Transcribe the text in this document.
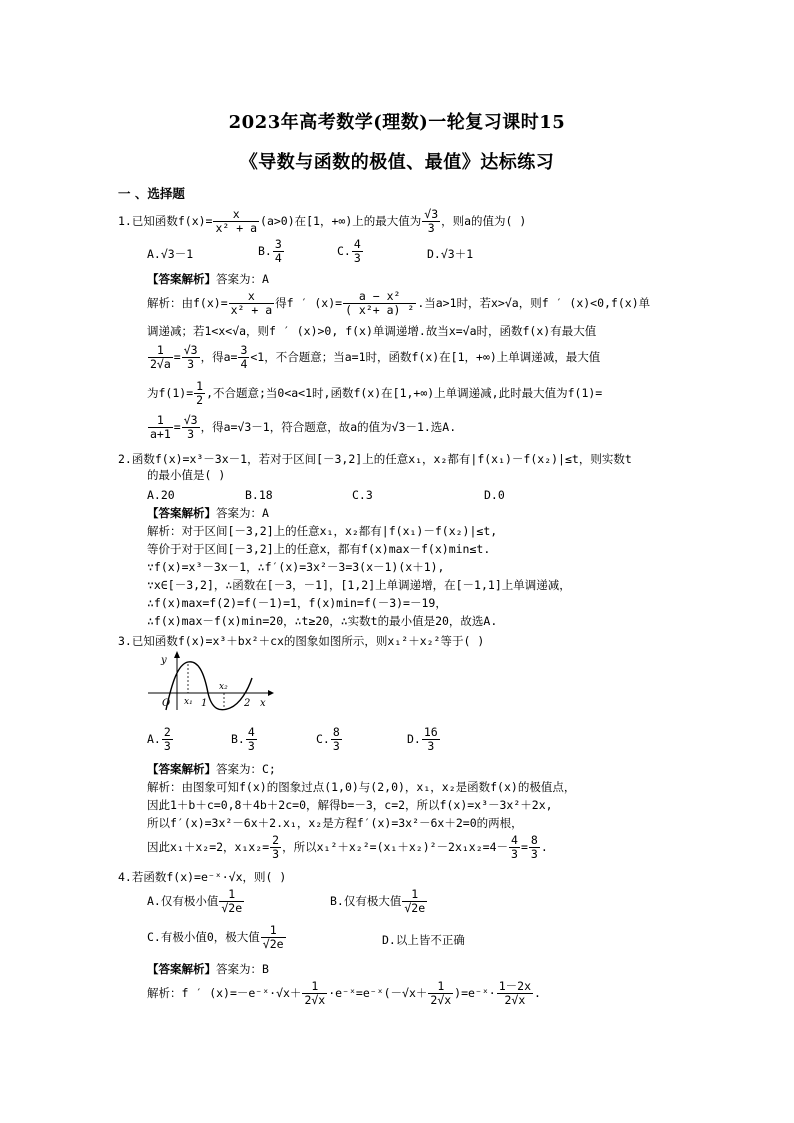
2023年高考数学(理数)一轮复习课时15
《导数与函数的极值、最值》达标练习
一 、选择题
1.已知函数$f(x)= \frac{x}{\text{x² + a}} (a>0)$在[1，+∞)上的最大值为 $\frac{√3}{3}$ ，则a的值为( )
A.√3－1	B. $\frac{3}{4}$	C. $\frac{4}{3}$	D.√3＋1
【答案解析】答案为：A
解析：由$f(x)= \frac{x}{\text{x² + a}}$ 得f ′ $(x)= \frac{\text{a − x²}}{\text{( x²+ a) ²}}$ .当a>1时，若x>√a，则f ′ (x)<0,f(x)单
调递减；若1<x<√a，则f ′ (x)>0, f(x)单调递增.故当x=√a时，函数f(x)有最大值
$\frac{1}{2√a} = \frac{√3}{3}$ ，得$a= \frac{3}{4} <1$，不合题意；当a=1时，函数f(x)在[1，+∞)上单调递减，最大值
为$f(1)= \frac{1}{2}$ ,不合题意;当0<a<1时,函数f(x)在[1,+∞)上单调递减,此时最大值为f(1)=
$\frac{1}{a+1} = \frac{√3}{3}$ ，得a=√3－1，符合题意，故a的值为√3－1.选A.
2.函数f(x)=x³－3x－1，若对于区间[－3,2]上的任意x₁，x₂都有|f(x₁)－f(x₂)|≤t，则实数t
的最小值是( )
A.20	B.18	C.3	D.0
【答案解析】答案为：A
解析：对于区间[－3,2]上的任意x₁，x₂都有|f(x₁)－f(x₂)|≤t,
等价于对于区间[－3,2]上的任意x，都有f(x)max－f(x)min≤t.
∵f(x)=x³－3x－1，∴f′(x)=3x²－3=3(x－1)(x＋1),
∵x∈[－3,2]，∴函数在[－3，－1]，[1,2]上单调递增，在[－1,1]上单调递减，
∴f(x)max=f(2)=f(－1)=1，f(x)min=f(－3)=－19，
∴f(x)max－f(x)min=20，∴t≥20，∴实数t的最小值是20，故选A.
3.已知函数f(x)=x³＋bx²＋cx的图象如图所示，则x₁²＋x₂²等于( )
y
O x₁ 1
x₂
2 x
A. $\frac{2}{3}$	B. $\frac{4}{3}$	C. $\frac{8}{3}$	D. $\frac{16}{3}$
【答案解析】答案为：C;
解析：由图象可知f(x)的图象过点(1,0)与(2,0)，x₁，x₂是函数f(x)的极值点，
因此1＋b＋c=0,8＋4b＋2c=0，解得b=－3，c=2，所以f(x)=x³－3x²＋2x,
所以f′(x)=3x²－6x＋2.x₁，x₂是方程f′(x)=3x²－6x＋2=0的两根，
因此x₁＋x₂=2，$x_1x_2= \frac{2}{3}$ ，所以$x_1^2+x_2^2=(x_1+x_2)^2-2x_1x_2=4- \frac{4}{3} = \frac{8}{3}$ .
4.若函数f(x)=e⁻ˣ·√x，则( )
A.仅有极小值 $\frac{1}{√2e}$	B.仅有极大值 $\frac{1}{√2e}$
C.有极小值0，极大值 $\frac{1}{√2e}$	D.以上皆不正确
【答案解析】答案为：B
解析：f ′ (x)=－e⁻ˣ·√x＋ $\frac{1}{2√x}$ ·e⁻ˣ=e⁻ˣ(－√x＋ $\frac{1}{2√x}$ )=e⁻ˣ· $\frac{1-2x}{2√x}$ .
